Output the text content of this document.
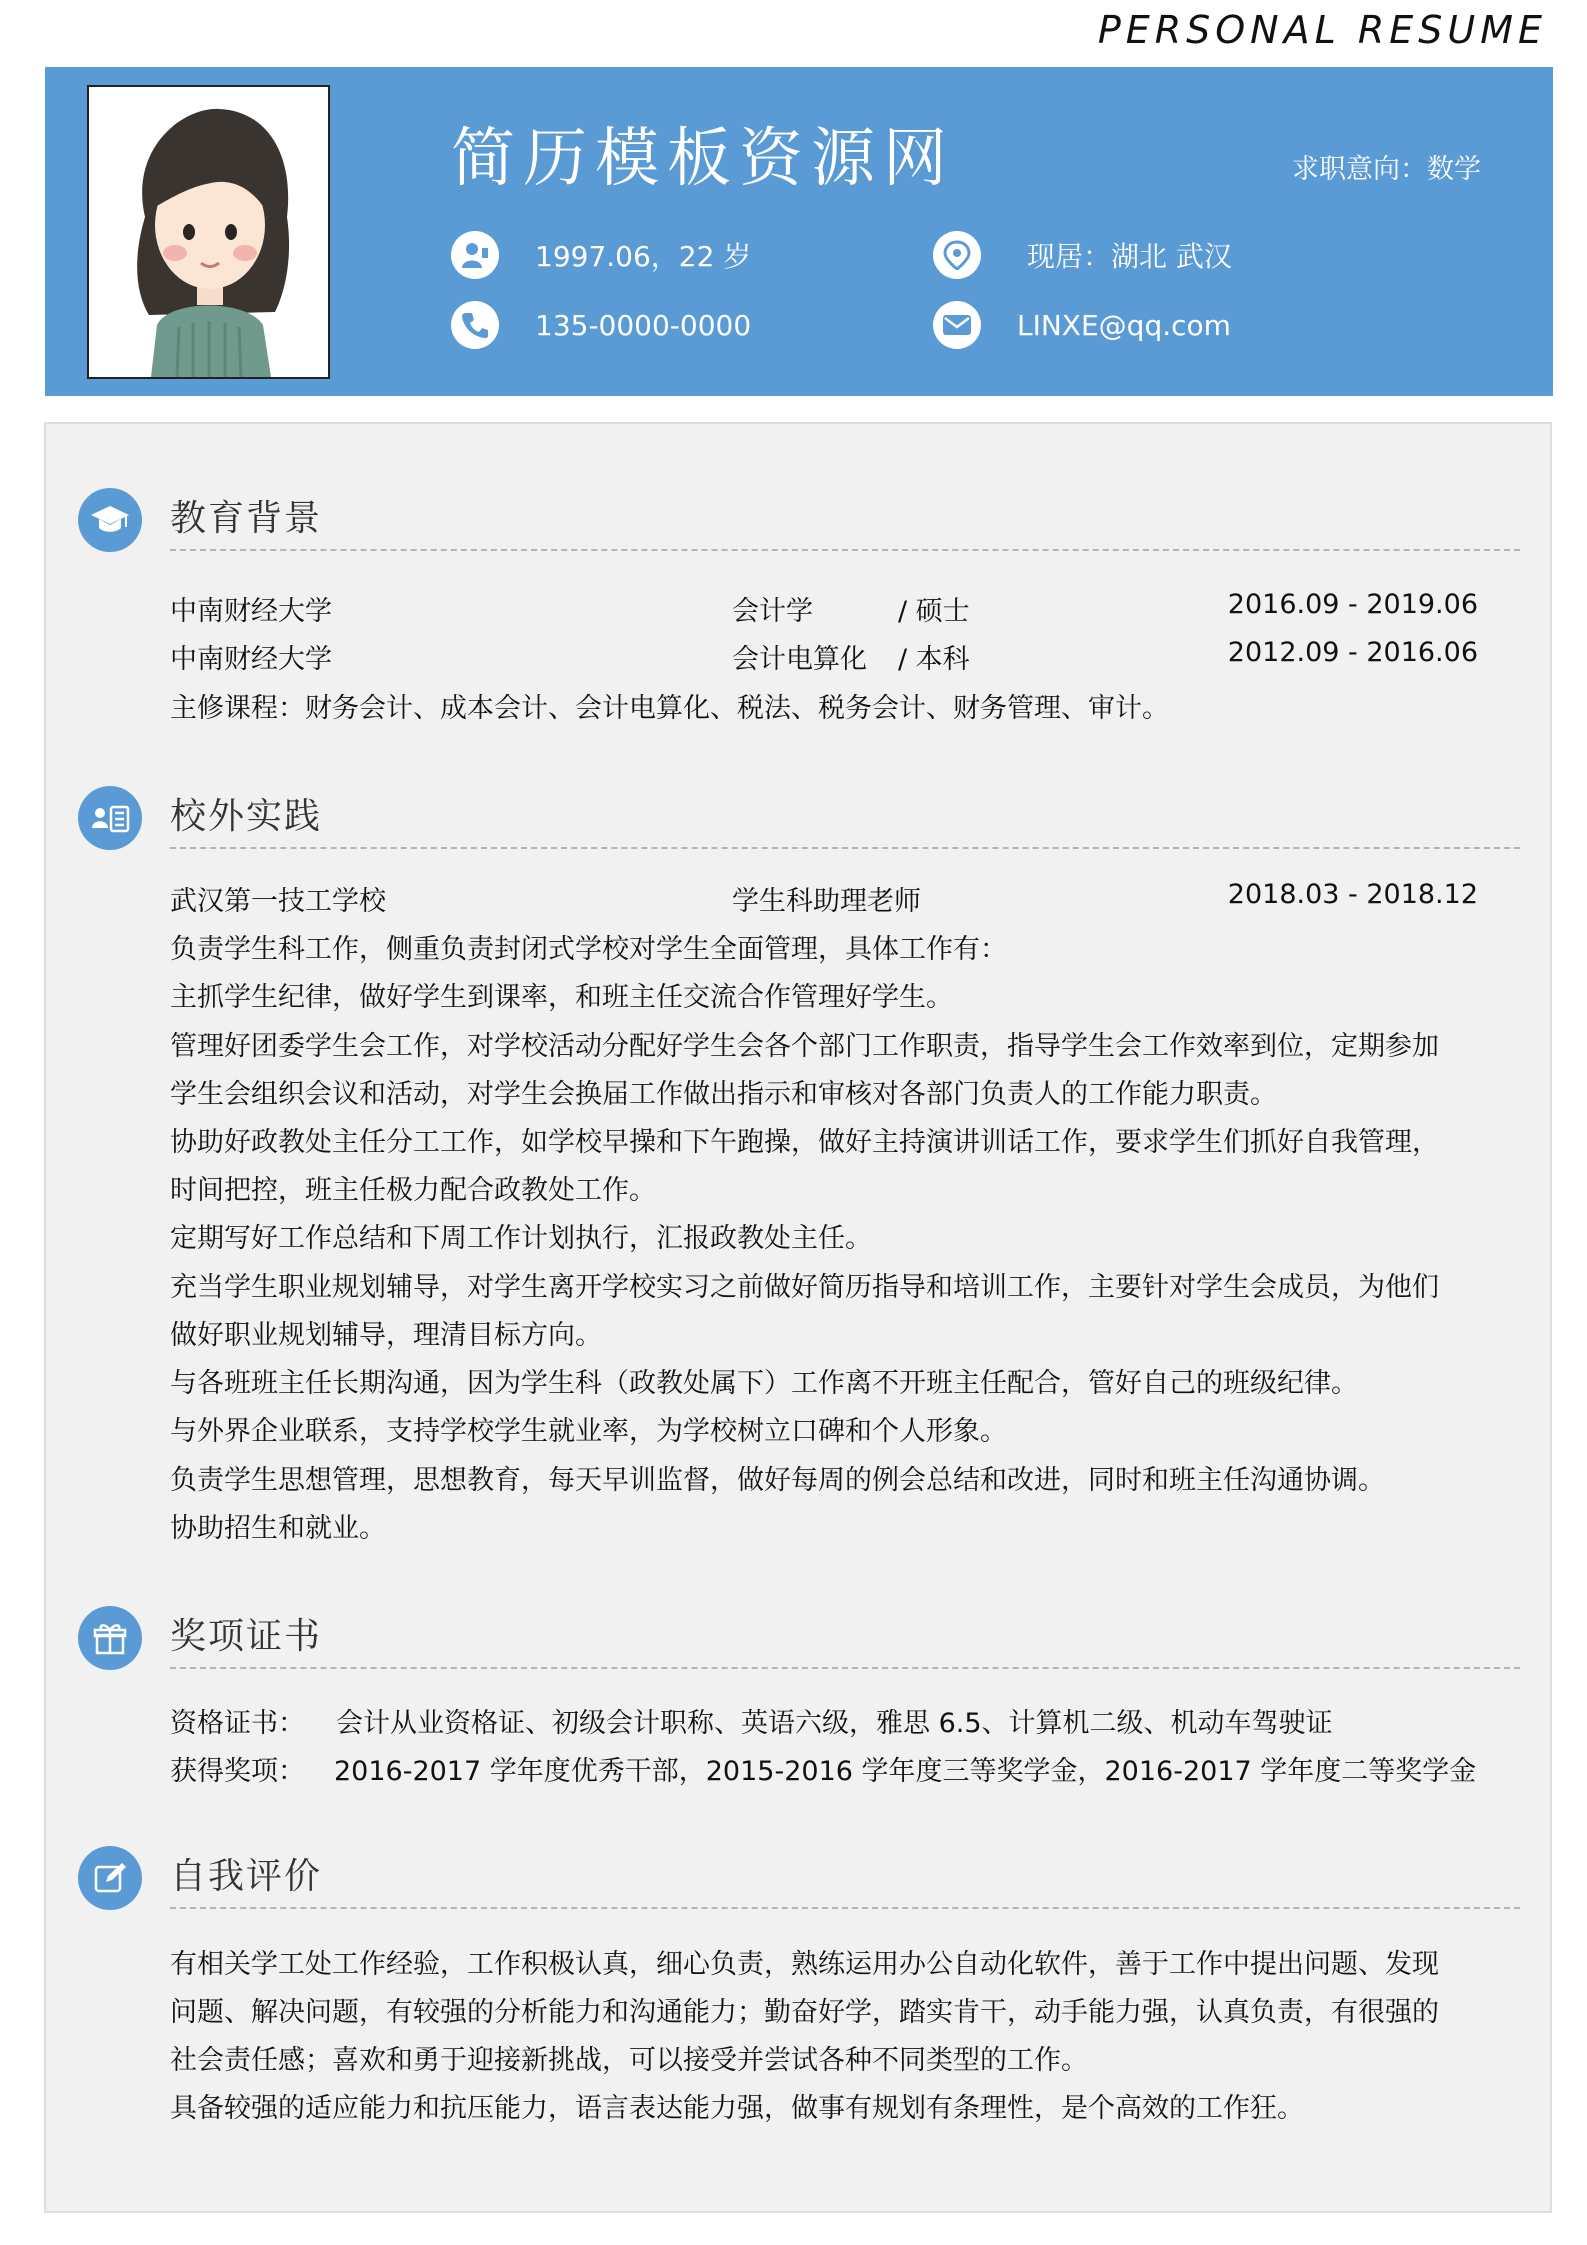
PERSONAL RESUME
简历模板资源网	求职意向：数学
1997.06，22 岁	现居：湖北 武汉
135-0000-0000	LINXE@qq.com
教育背景
中南财经大学	会计学	/ 硕士	2016.09 - 2019.06
中南财经大学	会计电算化 / 本科	2012.09 - 2016.06
主修课程：财务会计、成本会计、会计电算化、税法、税务会计、财务管理、审计。
校外实践
武汉第一技工学校	学生科助理老师	2018.03 - 2018.12
负责学生科工作，侧重负责封闭式学校对学生全面管理，具体工作有：
主抓学生纪律，做好学生到课率，和班主任交流合作管理好学生。
管理好团委学生会工作，对学校活动分配好学生会各个部门工作职责，指导学生会工作效率到位，定期参加
学生会组织会议和活动，对学生会换届工作做出指示和审核对各部门负责人的工作能力职责。
协助好政教处主任分工工作，如学校早操和下午跑操，做好主持演讲训话工作，要求学生们抓好自我管理，
时间把控，班主任极力配合政教处工作。
定期写好工作总结和下周工作计划执行，汇报政教处主任。
充当学生职业规划辅导，对学生离开学校实习之前做好简历指导和培训工作，主要针对学生会成员，为他们
做好职业规划辅导，理清目标方向。
与各班班主任长期沟通，因为学生科（政教处属下）工作离不开班主任配合，管好自己的班级纪律。
与外界企业联系，支持学校学生就业率，为学校树立口碑和个人形象。
负责学生思想管理，思想教育，每天早训监督，做好每周的例会总结和改进，同时和班主任沟通协调。
协助招生和就业。
奖项证书
资格证书： 会计从业资格证、初级会计职称、英语六级，雅思 6.5、计算机二级、机动车驾驶证
获得奖项： 2016-2017 学年度优秀干部，2015-2016 学年度三等奖学金，2016-2017 学年度二等奖学金
自我评价
有相关学工处工作经验，工作积极认真，细心负责，熟练运用办公自动化软件，善于工作中提出问题、发现
问题、解决问题，有较强的分析能力和沟通能力；勤奋好学，踏实肯干，动手能力强，认真负责，有很强的
社会责任感；喜欢和勇于迎接新挑战，可以接受并尝试各种不同类型的工作。
具备较强的适应能力和抗压能力，语言表达能力强，做事有规划有条理性，是个高效的工作狂。
